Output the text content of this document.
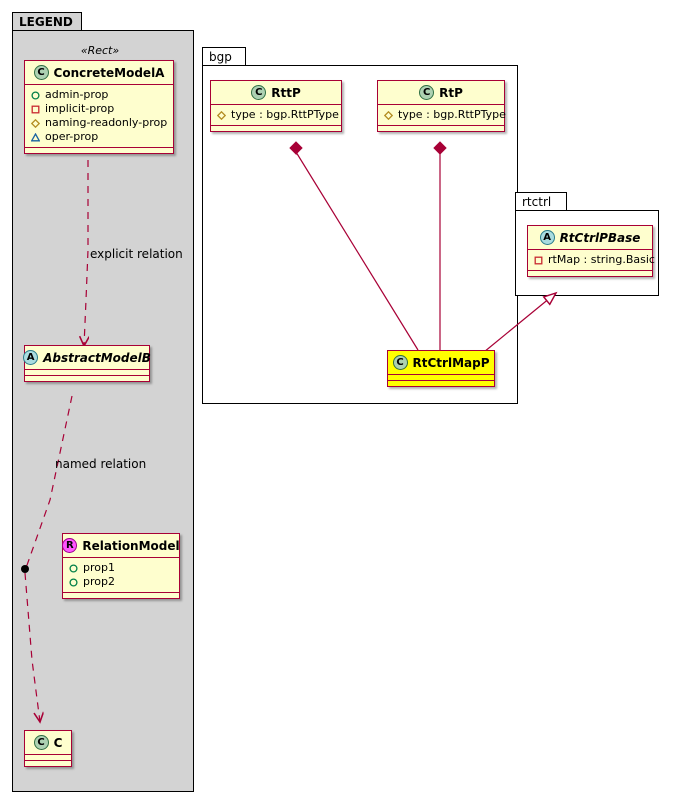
LEGEND
bgp
rtctrl
explicit relation
named relation
«Rect»
C ConcreteModelA
admin-prop
implicit-prop
naming-readonly-prop
oper-prop
A AbstractModelB
R RelationModel
prop1
prop2
C C
C RttP
type : bgp.RttPType
C RtP
type : bgp.RttPType
A RtCtrlPBase
rtMap : string.Basic
C RtCtrlMapP
